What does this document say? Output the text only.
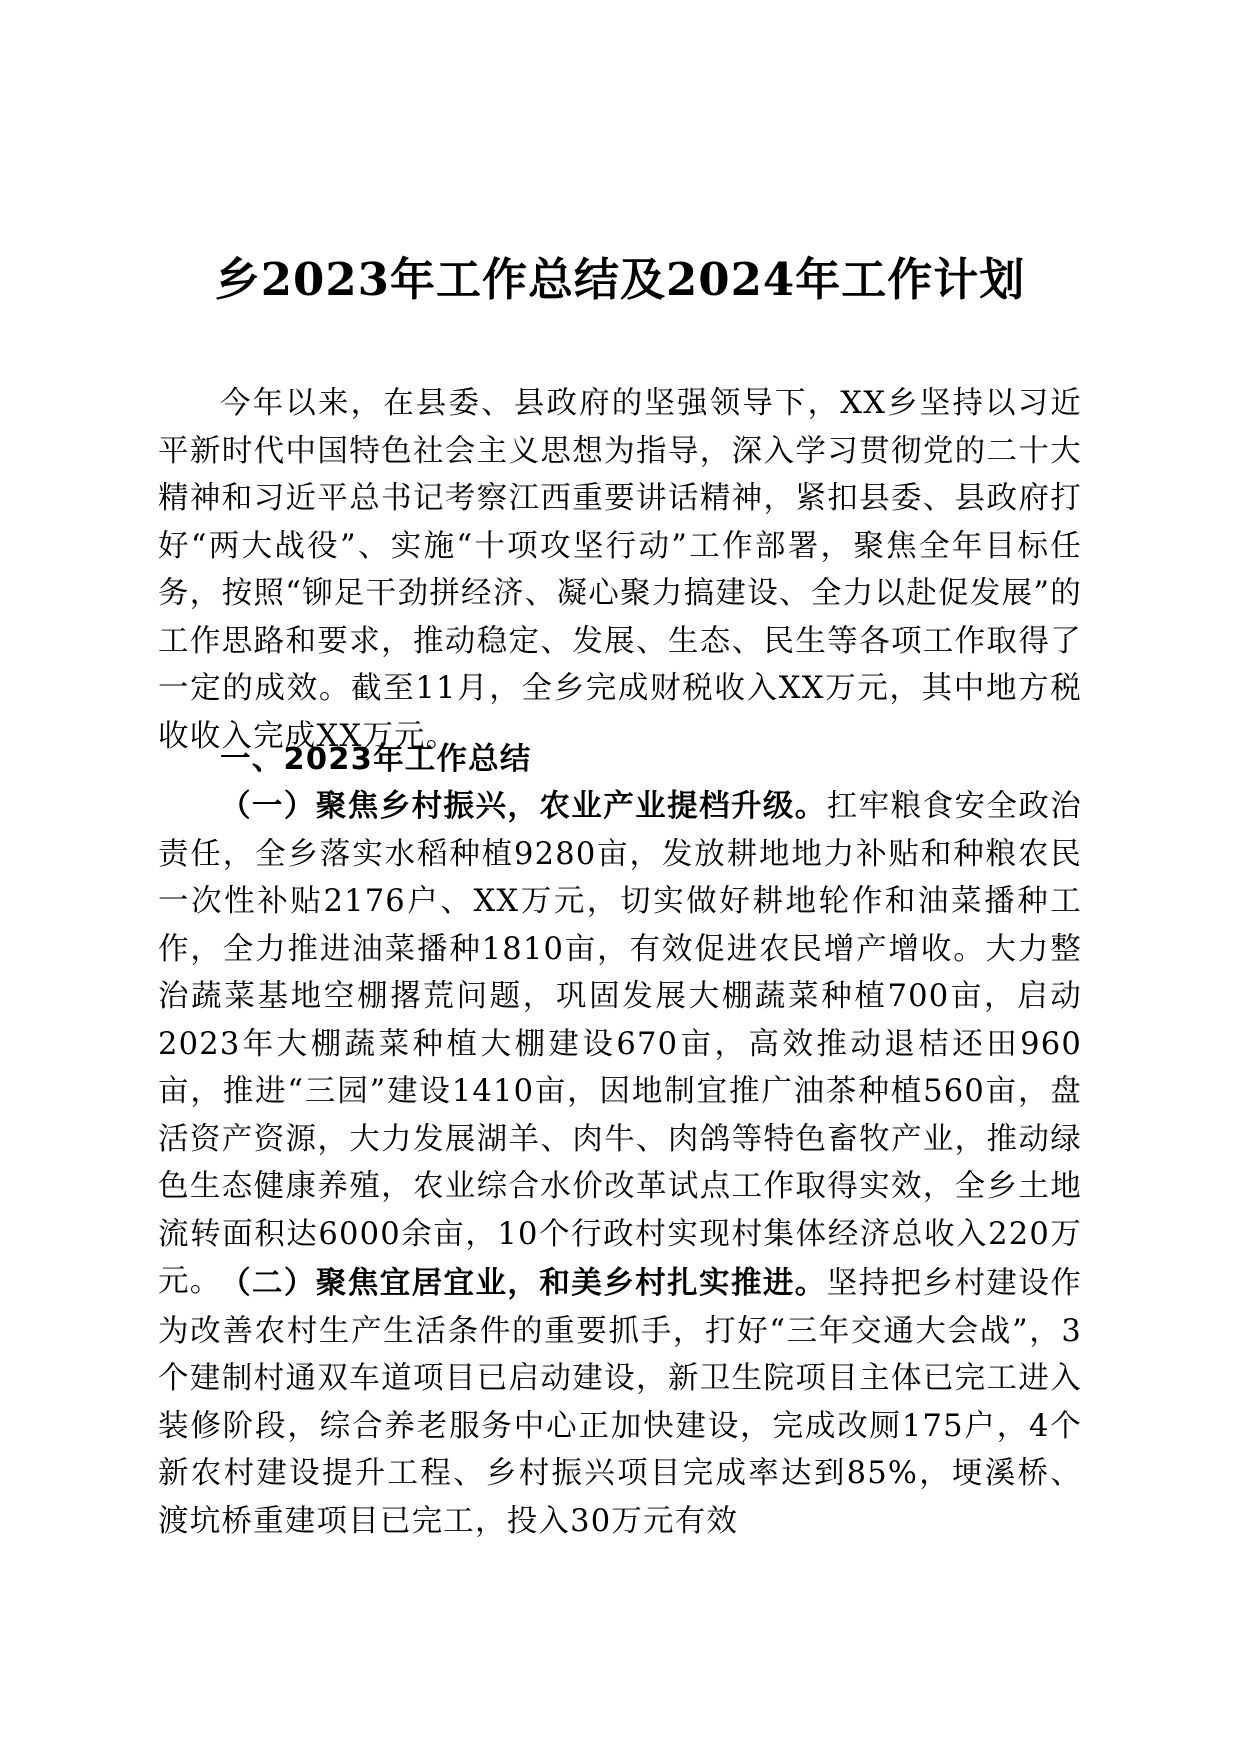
乡2023年工作总结及2024年工作计划

今年以来，在县委、县政府的坚强领导下，XX乡坚持以习近平新时代中国特色社会主义思想为指导，深入学习贯彻党的二十大精神和习近平总书记考察江西重要讲话精神，紧扣县委、县政府打好“两大战役”、实施“十项攻坚行动”工作部署，聚焦全年目标任务，按照“铆足干劲拼经济、凝心聚力搞建设、全力以赴促发展”的工作思路和要求，推动稳定、发展、生态、民生等各项工作取得了一定的成效。截至11月，全乡完成财税收入XX万元，其中地方税收收入完成XX万元。

一、2023年工作总结

（一）聚焦乡村振兴，农业产业提档升级。扛牢粮食安全政治责任，全乡落实水稻种植9280亩，发放耕地地力补贴和种粮农民一次性补贴2176户、XX万元，切实做好耕地轮作和油菜播种工作，全力推进油菜播种1810亩，有效促进农民增产增收。大力整治蔬菜基地空棚撂荒问题，巩固发展大棚蔬菜种植700亩，启动2023年大棚蔬菜种植大棚建设670亩，高效推动退桔还田960亩，推进“三园”建设1410亩，因地制宜推广油茶种植560亩，盘活资产资源，大力发展湖羊、肉牛、肉鸽等特色畜牧产业，推动绿色生态健康养殖，农业综合水价改革试点工作取得实效，全乡土地流转面积达6000余亩，10个行政村实现村集体经济总收入220万元。

（二）聚焦宜居宜业，和美乡村扎实推进。坚持把乡村建设作为改善农村生产生活条件的重要抓手，打好“三年交通大会战”，3个建制村通双车道项目已启动建设，新卫生院项目主体已完工进入装修阶段，综合养老服务中心正加快建设，完成改厕175户，4个新农村建设提升工程、乡村振兴项目完成率达到85%，埂溪桥、渡坑桥重建项目已完工，投入30万元有效
